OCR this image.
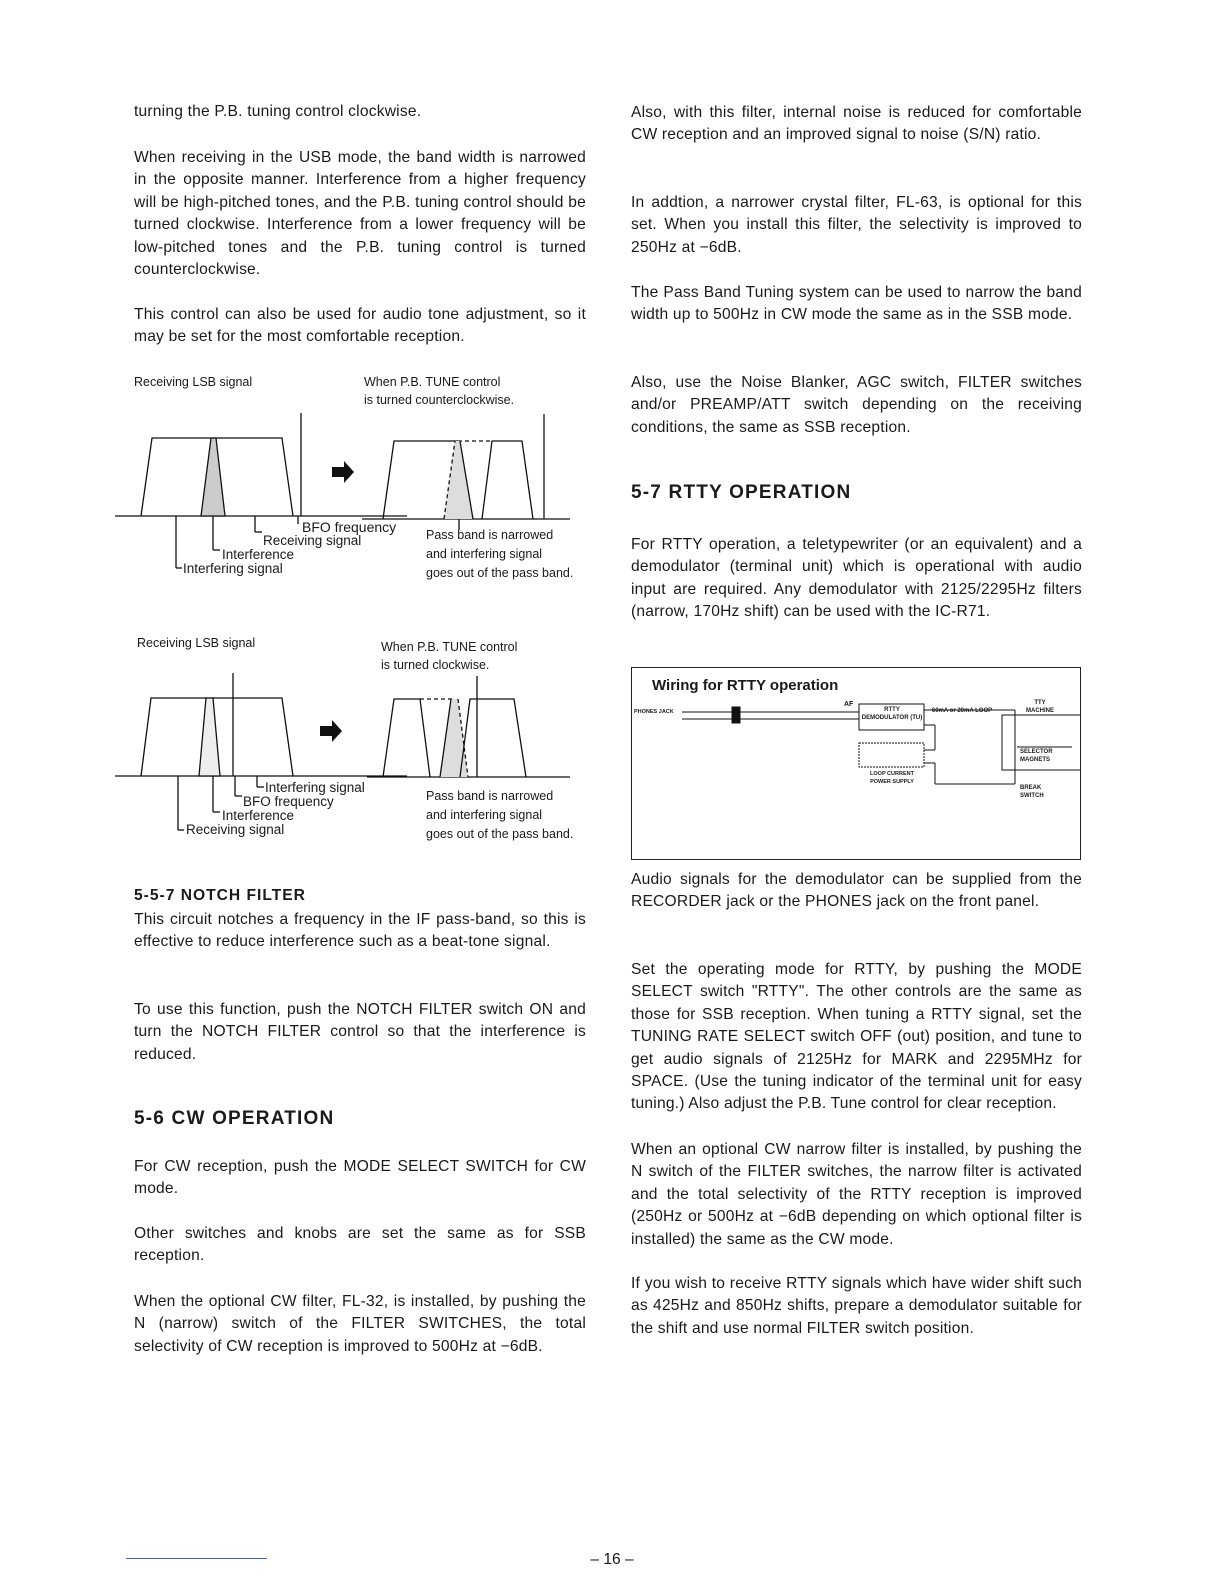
turning the P.B. tuning control clockwise.

When receiving in the USB mode, the band width is narrowed in the opposite manner. Interference from a higher frequency will be high-pitched tones, and the P.B. tuning control should be turned clockwise. Interference from a lower frequency will be low-pitched tones and the P.B. tuning control is turned counterclockwise.

This control can also be used for audio tone adjustment, so it may be set for the most comfortable reception.

Receiving LSB signal	When P.B. TUNE control
is turned counterclockwise.
BFO frequency
Receiving signal
Interference
Interfering signal
Pass band is narrowed
and interfering signal
goes out of the pass band.
Receiving LSB signal	When P.B. TUNE control
is turned clockwise.
Interfering signal
BFO frequency
Interference
Receiving signal
Pass band is narrowed
and interfering signal
goes out of the pass band.
5-5-7 NOTCH FILTER

This circuit notches a frequency in the IF pass-band, so this is effective to reduce interference such as a beat-tone signal.

To use this function, push the NOTCH FILTER switch ON and turn the NOTCH FILTER control so that the interference is reduced.

5-6 CW OPERATION

For CW reception, push the MODE SELECT SWITCH for CW mode.

Other switches and knobs are set the same as for SSB reception.

When the optional CW filter, FL-32, is installed, by pushing the N (narrow) switch of the FILTER SWITCHES, the total selectivity of CW reception is improved to 500Hz at −6dB.

Also, with this filter, internal noise is reduced for comfortable CW reception and an improved signal to noise (S/N) ratio.

In addtion, a narrower crystal filter, FL-63, is optional for this set. When you install this filter, the selectivity is improved to 250Hz at −6dB.

The Pass Band Tuning system can be used to narrow the band width up to 500Hz in CW mode the same as in the SSB mode.

Also, use the Noise Blanker, AGC switch, FILTER switches and/or PREAMP/ATT switch depending on the receiving conditions, the same as SSB reception.

5-7 RTTY OPERATION

For RTTY operation, a teletypewriter (or an equivalent) and a demodulator (terminal unit) which is operational with audio input are required. Any demodulator with 2125/2295Hz filters (narrow, 170Hz shift) can be used with the IC-R71.

Wiring for RTTY operation
PHONES JACK
AF
RTTY DEMODULATOR (TU)
60mA or 20mA LOOP
TTY MACHINE
SELECTOR MAGNETS
BREAK SWITCH
LOOP CURRENT POWER SUPPLY

Audio signals for the demodulator can be supplied from the RECORDER jack or the PHONES jack on the front panel.

Set the operating mode for RTTY, by pushing the MODE SELECT switch "RTTY". The other controls are the same as those for SSB reception. When tuning a RTTY signal, set the TUNING RATE SELECT switch OFF (out) position, and tune to get audio signals of 2125Hz for MARK and 2295MHz for SPACE. (Use the tuning indicator of the terminal unit for easy tuning.) Also adjust the P.B. Tune control for clear reception.

When an optional CW narrow filter is installed, by pushing the N switch of the FILTER switches, the narrow filter is activated and the total selectivity of the RTTY reception is improved (250Hz or 500Hz at −6dB depending on which optional filter is installed) the same as the CW mode.

If you wish to receive RTTY signals which have wider shift such as 425Hz and 850Hz shifts, prepare a demodulator suitable for the shift and use normal FILTER switch position.

– 16 –
